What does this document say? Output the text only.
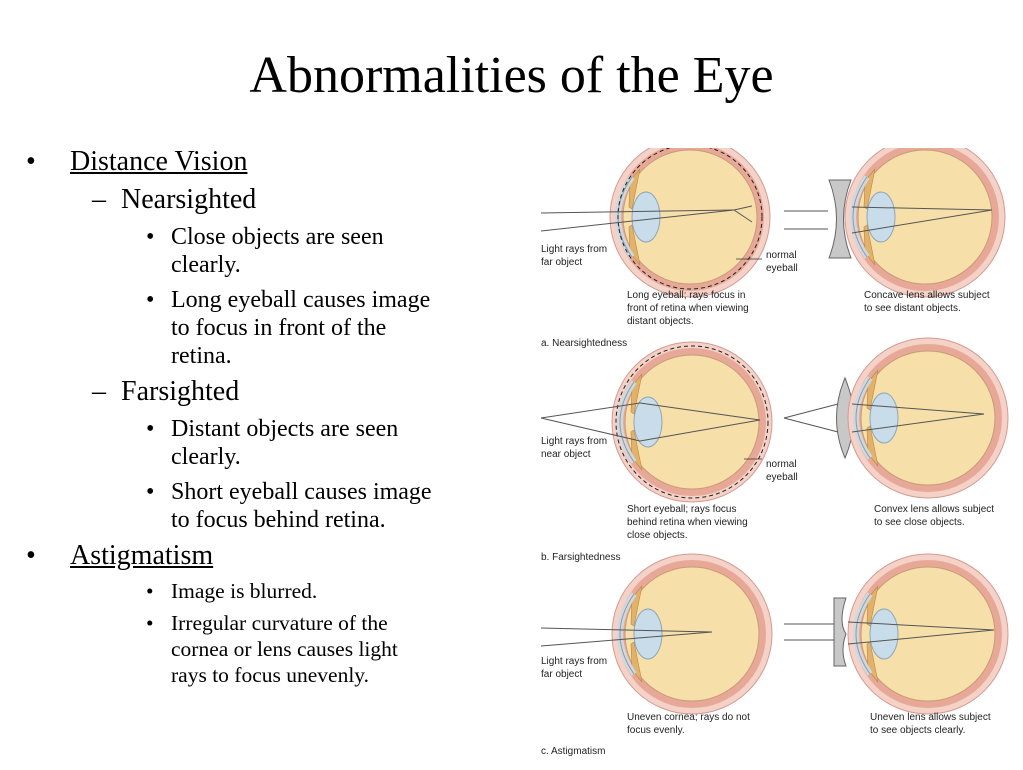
Abnormalities of the Eye
• Distance Vision
– Nearsighted
• Close objects are seen
clearly.
• Long eyeball causes image
to focus in front of the
retina.
– Farsighted
• Distant objects are seen
clearly.
• Short eyeball causes image
to focus behind retina.
• Astigmatism
• Image is blurred.
• Irregular curvature of the
cornea or lens causes light
rays to focus unevenly.
Light rays from far object
normal eyeball
Long eyeball; rays focus in front of retina when viewing distant objects.
Concave lens allows subject to see distant objects.
a. Nearsightedness
Light rays from near object
normal eyeball
Short eyeball; rays focus behind retina when viewing close objects.
Convex lens allows subject to see close objects.
b. Farsightedness
Light rays from far object
Uneven cornea; rays do not focus evenly.
Uneven lens allows subject to see objects clearly.
c. Astigmatism
